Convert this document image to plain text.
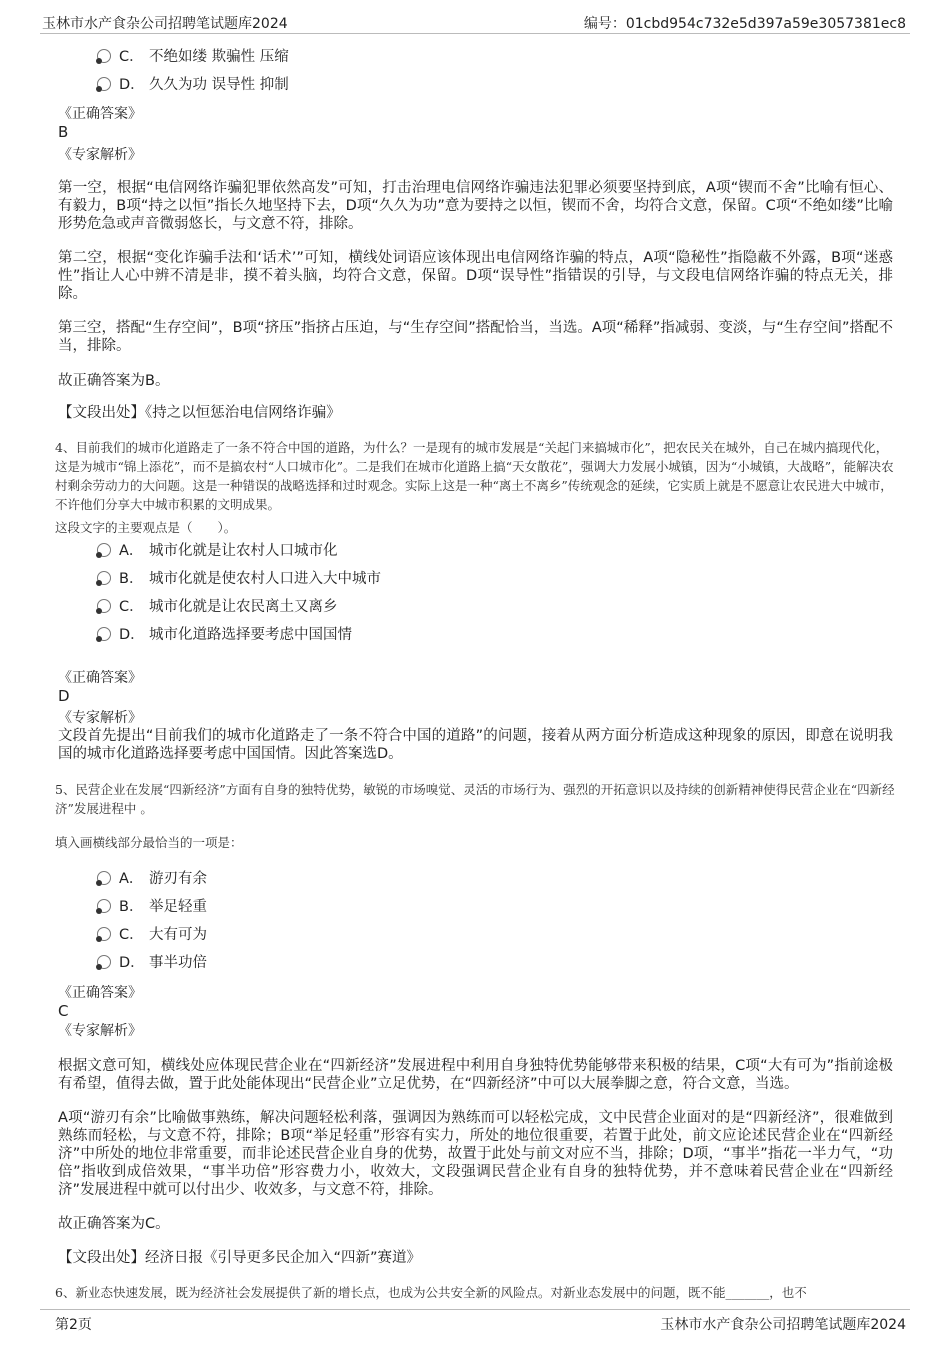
玉林市水产食杂公司招聘笔试题库2024	编号：01cbd954c732e5d397a59e3057381ec8
C． 不绝如缕 欺骗性 压缩
D． 久久为功 误导性 抑制
《正确答案》
B
《专家解析》
第一空，根据“电信网络诈骗犯罪依然高发”可知，打击治理电信网络诈骗违法犯罪必须要坚持到底，A项“锲而不舍”比喻有恒心、有毅力，B项“持之以恒”指长久地坚持下去，D项“久久为功”意为要持之以恒，锲而不舍，均符合文意，保留。C项“不绝如缕”比喻形势危急或声音微弱悠长，与文意不符，排除。
第二空，根据“变化诈骗手法和‘话术’”可知，横线处词语应该体现出电信网络诈骗的特点，A项“隐秘性”指隐蔽不外露，B项“迷惑性”指让人心中辨不清是非，摸不着头脑，均符合文意，保留。D项“误导性”指错误的引导，与文段电信网络诈骗的特点无关，排除。
第三空，搭配“生存空间”，B项“挤压”指挤占压迫，与“生存空间”搭配恰当，当选。A项“稀释”指减弱、变淡，与“生存空间”搭配不当，排除。
故正确答案为B。
【文段出处】《持之以恒惩治电信网络诈骗》
4、目前我们的城市化道路走了一条不符合中国的道路，为什么？一是现有的城市发展是“关起门来搞城市化”，把农民关在城外，自己在城内搞现代化，这是为城市“锦上添花”，而不是搞农村“人口城市化”。二是我们在城市化道路上搞“天女散花”，强调大力发展小城镇，因为“小城镇，大战略”，能解决农村剩余劳动力的大问题。这是一种错误的战略选择和过时观念。实际上这是一种“离土不离乡”传统观念的延续，它实质上就是不愿意让农民进大中城市，不许他们分享大中城市积累的文明成果。
这段文字的主要观点是（　　）。
A． 城市化就是让农村人口城市化
B． 城市化就是使农村人口进入大中城市
C． 城市化就是让农民离土又离乡
D． 城市化道路选择要考虑中国国情
《正确答案》
D
《专家解析》
文段首先提出“目前我们的城市化道路走了一条不符合中国的道路”的问题，接着从两方面分析造成这种现象的原因，即意在说明我国的城市化道路选择要考虑中国国情。因此答案选D。
5、民营企业在发展“四新经济”方面有自身的独特优势，敏锐的市场嗅觉、灵活的市场行为、强烈的开拓意识以及持续的创新精神使得民营企业在“四新经济”发展进程中 。
填入画横线部分最恰当的一项是：
A． 游刃有余
B． 举足轻重
C． 大有可为
D． 事半功倍
《正确答案》
C
《专家解析》
根据文意可知，横线处应体现民营企业在“四新经济”发展进程中利用自身独特优势能够带来积极的结果，C项“大有可为”指前途极有希望，值得去做，置于此处能体现出“民营企业”立足优势，在“四新经济”中可以大展拳脚之意，符合文意，当选。
A项“游刃有余”比喻做事熟练，解决问题轻松利落，强调因为熟练而可以轻松完成，文中民营企业面对的是“四新经济”，很难做到熟练而轻松，与文意不符，排除；B项“举足轻重”形容有实力，所处的地位很重要，若置于此处，前文应论述民营企业在“四新经济”中所处的地位非常重要，而非论述民营企业自身的优势，故置于此处与前文对应不当，排除；D项，“事半”指花一半力气，“功倍”指收到成倍效果，“事半功倍”形容费力小，收效大，文段强调民营企业有自身的独特优势，并不意味着民营企业在“四新经济”发展进程中就可以付出少、收效多，与文意不符，排除。
故正确答案为C。
【文段出处】经济日报《引导更多民企加入“四新”赛道》
6、新业态快速发展，既为经济社会发展提供了新的增长点，也成为公共安全新的风险点。对新业态发展中的问题，既不能_______，也不
第2页	玉林市水产食杂公司招聘笔试题库2024
